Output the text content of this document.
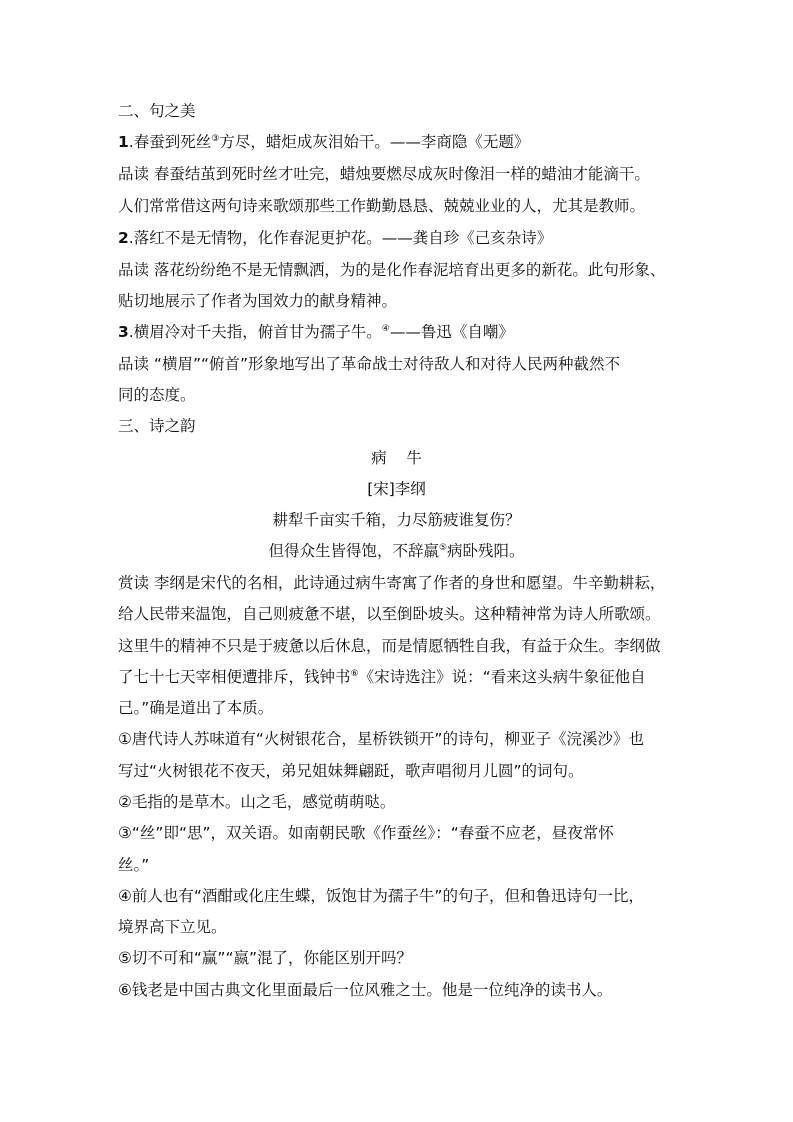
二、句之美
1.春蚕到死丝③方尽，蜡炬成灰泪始干。——李商隐《无题》
品读 春蚕结茧到死时丝才吐完，蜡烛要燃尽成灰时像泪一样的蜡油才能滴干。
人们常常借这两句诗来歌颂那些工作勤勤恳恳、兢兢业业的人，尤其是教师。
2.落红不是无情物，化作春泥更护花。——龚自珍《己亥杂诗》
品读 落花纷纷绝不是无情飘洒，为的是化作春泥培育出更多的新花。此句形象、
贴切地展示了作者为国效力的献身精神。
3.横眉冷对千夫指，俯首甘为孺子牛。④——鲁迅《自嘲》
品读 “横眉”“俯首”形象地写出了革命战士对待敌人和对待人民两种截然不
同的态度。
三、诗之韵
病    牛
[宋]李纲
耕犁千亩实千箱，力尽筋疲谁复伤？
但得众生皆得饱，不辞羸⑤病卧残阳。
赏读 李纲是宋代的名相，此诗通过病牛寄寓了作者的身世和愿望。牛辛勤耕耘，
给人民带来温饱，自己则疲惫不堪，以至倒卧坡头。这种精神常为诗人所歌颂。
这里牛的精神不只是于疲惫以后休息，而是情愿牺牲自我，有益于众生。李纲做
了七十七天宰相便遭排斥，钱钟书⑥《宋诗选注》说：“看来这头病牛象征他自
己。”确是道出了本质。
①唐代诗人苏味道有“火树银花合，星桥铁锁开”的诗句，柳亚子《浣溪沙》也
写过“火树银花不夜天，弟兄姐妹舞翩跹，歌声唱彻月儿圆”的词句。
②毛指的是草木。山之毛，感觉萌萌哒。
③“丝”即“思”，双关语。如南朝民歌《作蚕丝》：“春蚕不应老，昼夜常怀
丝。”
④前人也有“酒酣或化庄生蝶，饭饱甘为孺子牛”的句子，但和鲁迅诗句一比，
境界高下立见。
⑤切不可和“赢”“嬴”混了，你能区别开吗？
⑥钱老是中国古典文化里面最后一位风雅之士。他是一位纯净的读书人。
